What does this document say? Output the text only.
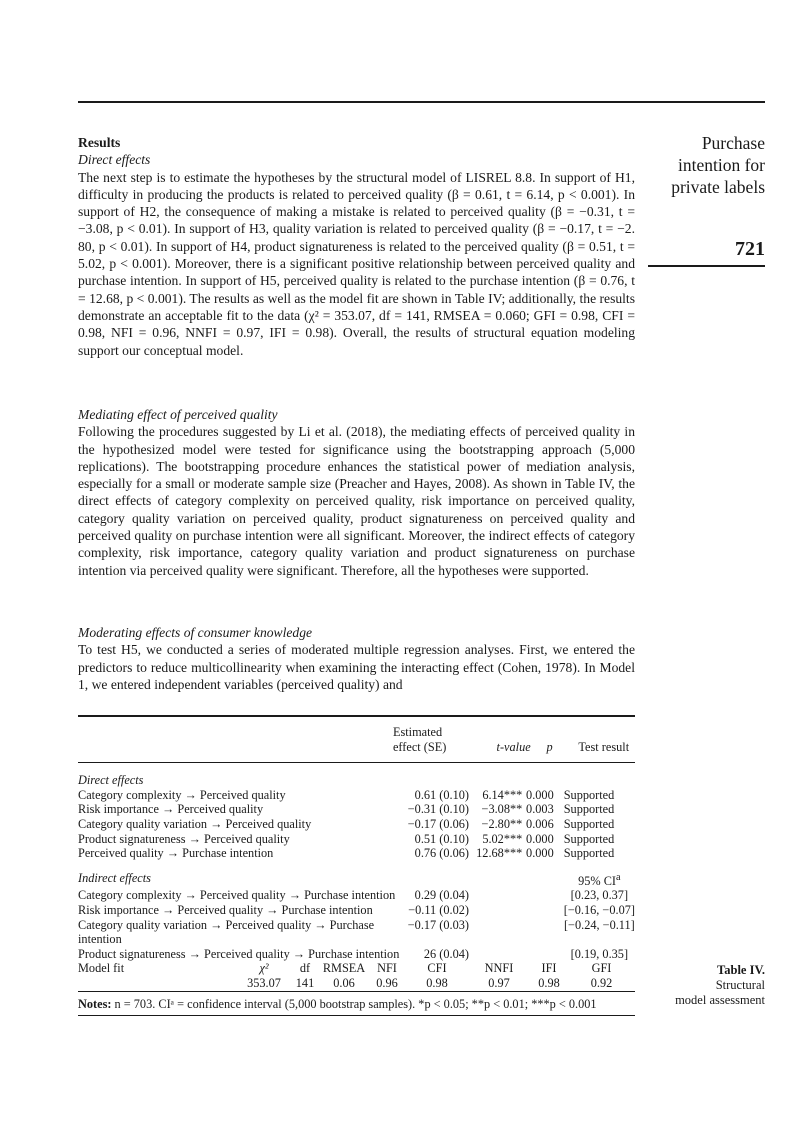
Purchase
intention for
private labels
721

Results

Direct effects

The next step is to estimate the hypotheses by the structural model of LISREL 8.8. In support of H1, difficulty in producing the products is related to perceived quality (β = 0.61, t = 6.14, p < 0.001). In support of H2, the consequence of making a mistake is related to perceived quality (β = −0.31, t = −3.08, p < 0.01). In support of H3, quality variation is related to perceived quality (β = −0.17, t = −2. 80, p < 0.01). In support of H4, product signatureness is related to the perceived quality (β = 0.51, t = 5.02, p < 0.001). Moreover, there is a significant positive relationship between perceived quality and purchase intention. In support of H5, perceived quality is related to the purchase intention (β = 0.76, t = 12.68, p < 0.001). The results as well as the model fit are shown in Table IV; additionally, the results demonstrate an acceptable fit to the data (χ² = 353.07, df = 141, RMSEA = 0.060; GFI = 0.98, CFI = 0.98, NFI = 0.96, NNFI = 0.97, IFI = 0.98). Overall, the results of structural equation modeling support our conceptual model.

Mediating effect of perceived quality

Following the procedures suggested by Li et al. (2018), the mediating effects of perceived quality in the hypothesized model were tested for significance using the bootstrapping approach (5,000 replications). The bootstrapping procedure enhances the statistical power of mediation analysis, especially for a small or moderate sample size (Preacher and Hayes, 2008). As shown in Table IV, the direct effects of category complexity on perceived quality, risk importance on perceived quality, category quality variation on perceived quality, product signatureness on perceived quality and perceived quality on purchase intention were all significant. Moreover, the indirect effects of category complexity, risk importance, category quality variation and product signatureness on purchase intention via perceived quality were significant. Therefore, all the hypotheses were supported.

Moderating effects of consumer knowledge

To test H5, we conducted a series of moderated multiple regression analyses. First, we entered the predictors to reduce multicollinearity when examining the interacting effect (Cohen, 1978). In Model 1, we entered independent variables (perceived quality) and

	Estimated
effect (SE)	t-value	p	Test result
Direct effects				
Category complexity → Perceived quality	0.61 (0.10)	6.14***	0.000	Supported
Risk importance → Perceived quality	−0.31 (0.10)	−3.08**	0.003	Supported
Category quality variation → Perceived quality	−0.17 (0.06)	−2.80**	0.006	Supported
Product signatureness → Perceived quality	0.51 (0.10)	5.02***	0.000	Supported
Perceived quality → Purchase intention	0.76 (0.06)	12.68***	0.000	Supported
Indirect effects				95% $CI^a$
Category complexity → Perceived quality → Purchase intention	0.29 (0.04)			[0.23, 0.37]
Risk importance → Perceived quality → Purchase intention	−0.11 (0.02)			[−0.16, −0.07]
Category quality variation → Perceived quality → Purchase intention	−0.17 (0.03)			[−0.24, −0.11]
Product signatureness → Perceived quality → Purchase intention	26 (0.04)			[0.19, 0.35]
Model fit	χ²	df	RMSEA	NFI	CFI	NNFI	IFI	GFI
	353.07	141	0.06	0.96	0.98	0.97	0.98	0.92
Notes: n = 703. CIᵃ = confidence interval (5,000 bootstrap samples). *p < 0.05; **p < 0.01; ***p < 0.001
Table IV.
Structural
model assessment
